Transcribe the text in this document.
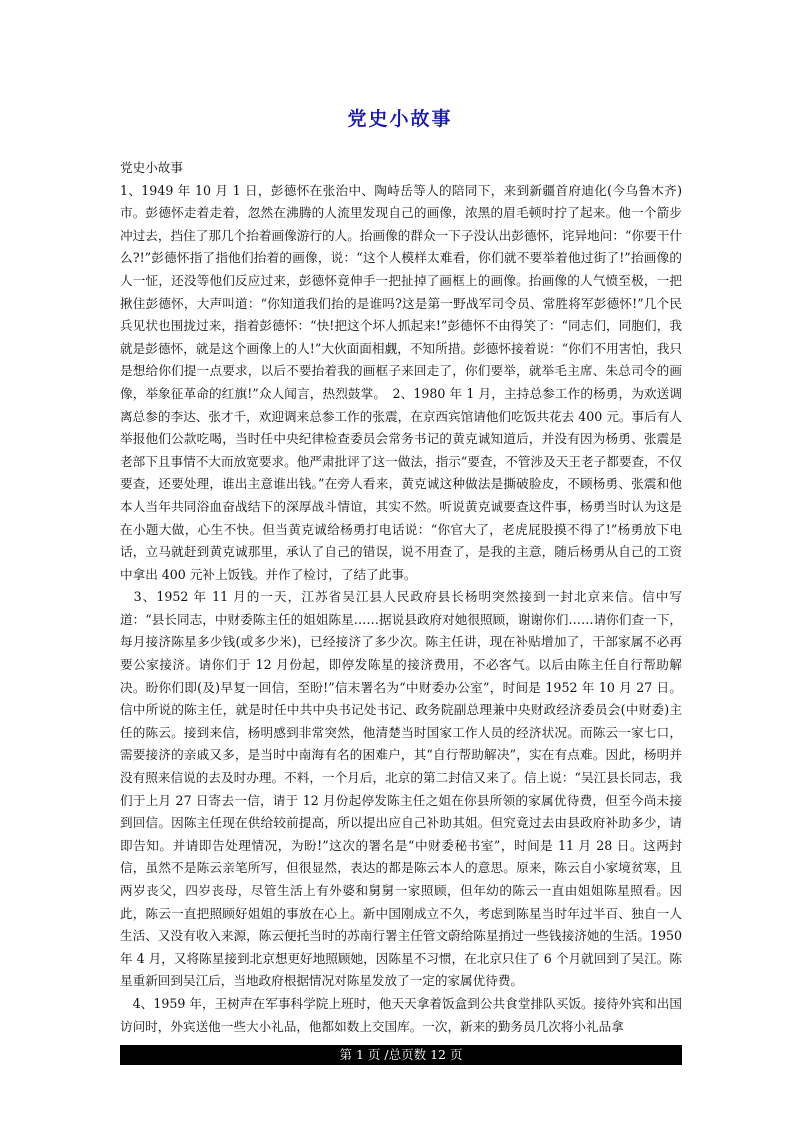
党史小故事

党史小故事

1、1949 年 10 月 1 日，彭德怀在张治中、陶峙岳等人的陪同下，来到新疆首府迪化(今乌鲁木齐)市。彭德怀走着走着，忽然在沸腾的人流里发现自己的画像，浓黑的眉毛顿时拧了起来。他一个箭步冲过去，挡住了那几个抬着画像游行的人。抬画像的群众一下子没认出彭德怀，诧异地问：“你要干什么?!”彭德怀指了指他们抬着的画像，说：“这个人模样太难看，你们就不要举着他过街了!”抬画像的人一怔，还没等他们反应过来，彭德怀竟伸手一把扯掉了画框上的画像。抬画像的人气愤至极，一把揪住彭德怀，大声叫道：“你知道我们抬的是谁吗?这是第一野战军司令员、常胜将军彭德怀!”几个民兵见状也围拢过来，指着彭德怀：“快!把这个坏人抓起来!”彭德怀不由得笑了：“同志们，同胞们，我就是彭德怀，就是这个画像上的人!”大伙面面相觑，不知所措。彭德怀接着说：“你们不用害怕，我只是想给你们提一点要求，以后不要抬着我的画框子来回走了，你们要举，就举毛主席、朱总司令的画像，举象征革命的红旗!”众人闻言，热烈鼓掌。　2、1980 年 1 月，主持总参工作的杨勇，为欢送调离总参的李达、张才千，欢迎调来总参工作的张震，在京西宾馆请他们吃饭共花去 400 元。事后有人举报他们公款吃喝，当时任中央纪律检查委员会常务书记的黄克诚知道后，并没有因为杨勇、张震是老部下且事情不大而放宽要求。他严肃批评了这一做法，指示“要查，不管涉及天王老子都要查，不仅要查，还要处理，谁出主意谁出钱。”在旁人看来，黄克诚这种做法是撕破脸皮，不顾杨勇、张震和他本人当年共同浴血奋战结下的深厚战斗情谊，其实不然。听说黄克诚要查这件事，杨勇当时认为这是在小题大做，心生不快。但当黄克诚给杨勇打电话说：“你官大了，老虎屁股摸不得了!”杨勇放下电话，立马就赶到黄克诚那里，承认了自己的错误，说不用查了，是我的主意，随后杨勇从自己的工资中拿出 400 元补上饭钱。并作了检讨，了结了此事。

　3、1952 年 11 月的一天，江苏省吴江县人民政府县长杨明突然接到一封北京来信。信中写道：“县长同志，中财委陈主任的姐姐陈星……据说县政府对她很照顾，谢谢你们……请你们查一下，每月接济陈星多少钱(或多少米)，已经接济了多少次。陈主任讲，现在补贴增加了，干部家属不必再要公家接济。请你们于 12 月份起，即停发陈星的接济费用，不必客气。以后由陈主任自行帮助解决。盼你们即(及)早复一回信，至盼!”信末署名为“中财委办公室”，时间是 1952 年 10 月 27 日。信中所说的陈主任，就是时任中共中央书记处书记、政务院副总理兼中央财政经济委员会(中财委)主任的陈云。接到来信，杨明感到非常突然，他清楚当时国家工作人员的经济状况。而陈云一家七口，需要接济的亲戚又多，是当时中南海有名的困难户，其“自行帮助解决”，实在有点难。因此，杨明并没有照来信说的去及时办理。不料，一个月后，北京的第二封信又来了。信上说：“吴江县长同志，我们于上月 27 日寄去一信，请于 12 月份起停发陈主任之姐在你县所领的家属优待费，但至今尚未接到回信。因陈主任现在供给较前提高，所以提出应自己补助其姐。但究竟过去由县政府补助多少，请即告知。并请即告处理情况，为盼!”这次的署名是“中财委秘书室”，时间是 11 月 28 日。这两封信，虽然不是陈云亲笔所写，但很显然，表达的都是陈云本人的意思。原来，陈云自小家境贫寒，且两岁丧父，四岁丧母，尽管生活上有外婆和舅舅一家照顾，但年幼的陈云一直由姐姐陈星照看。因此，陈云一直把照顾好姐姐的事放在心上。新中国刚成立不久，考虑到陈星当时年过半百、独自一人生活、又没有收入来源，陈云便托当时的苏南行署主任管文蔚给陈星捎过一些钱接济她的生活。1950 年 4 月，又将陈星接到北京想更好地照顾她，因陈星不习惯，在北京只住了 6 个月就回到了吴江。陈星重新回到吴江后，当地政府根据情况对陈星发放了一定的家属优待费。

　4、1959 年，王树声在军事科学院上班时，他天天拿着饭盒到公共食堂排队买饭。接待外宾和出国访问时，外宾送他一些大小礼品，他都如数上交国库。一次，新来的勤务员几次将小礼品拿

第 1 页 /总页数 12 页
